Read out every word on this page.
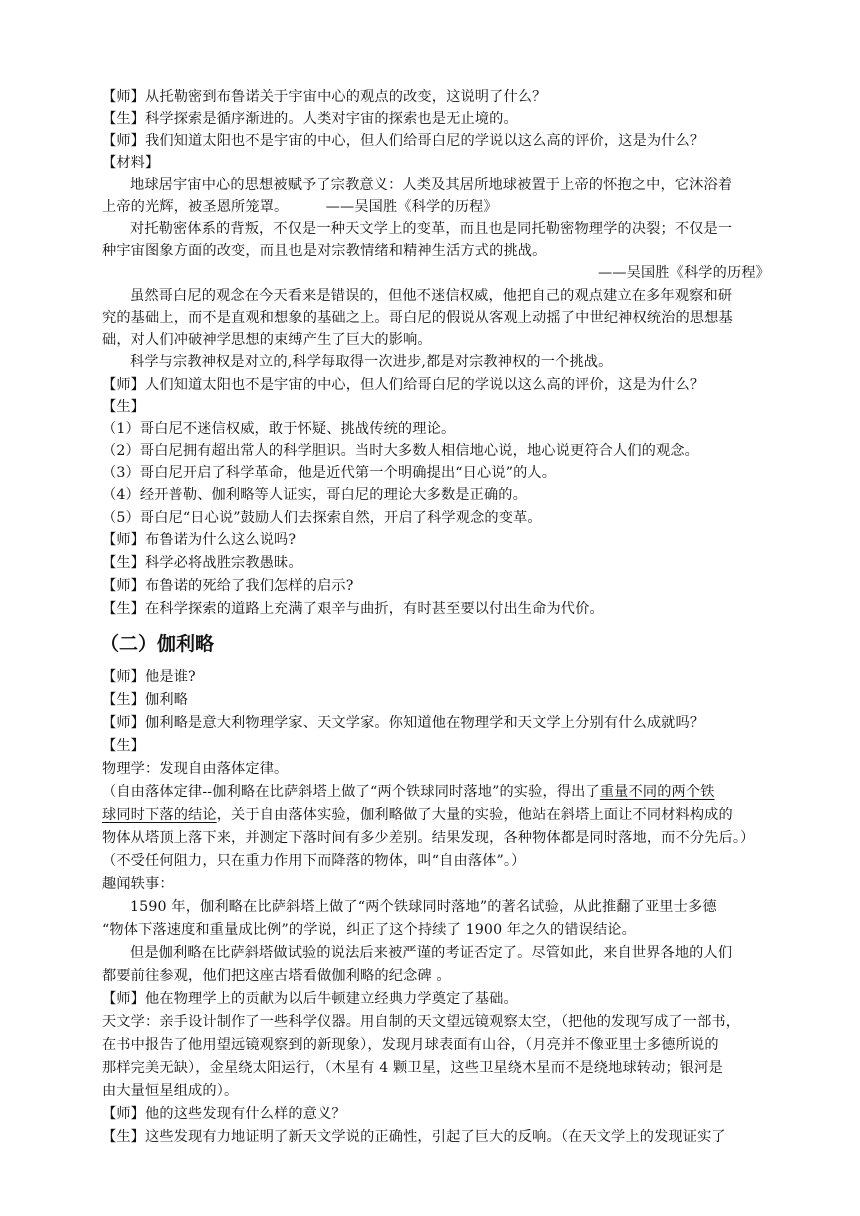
【师】从托勒密到布鲁诺关于宇宙中心的观点的改变，这说明了什么？
【生】科学探索是循序渐进的。人类对宇宙的探索也是无止境的。
【师】我们知道太阳也不是宇宙的中心，但人们给哥白尼的学说以这么高的评价，这是为什么？
【材料】
地球居宇宙中心的思想被赋予了宗教意义：人类及其居所地球被置于上帝的怀抱之中，它沐浴着
上帝的光辉，被圣恩所笼罩。        ——吴国胜《科学的历程》
对托勒密体系的背叛，不仅是一种天文学上的变革，而且也是同托勒密物理学的决裂；不仅是一
种宇宙图象方面的改变，而且也是对宗教情绪和精神生活方式的挑战。
——吴国胜《科学的历程》
虽然哥白尼的观念在今天看来是错误的，但他不迷信权威，他把自己的观点建立在多年观察和研
究的基础上，而不是直观和想象的基础之上。哥白尼的假说从客观上动摇了中世纪神权统治的思想基
础，对人们冲破神学思想的束缚产生了巨大的影响。
科学与宗教神权是对立的,科学每取得一次进步,都是对宗教神权的一个挑战。
【师】人们知道太阳也不是宇宙的中心，但人们给哥白尼的学说以这么高的评价，这是为什么？
【生】
（1）哥白尼不迷信权威，敢于怀疑、挑战传统的理论。
（2）哥白尼拥有超出常人的科学胆识。当时大多数人相信地心说，地心说更符合人们的观念。
（3）哥白尼开启了科学革命，他是近代第一个明确提出“日心说”的人。
（4）经开普勒、伽利略等人证实，哥白尼的理论大多数是正确的。
（5）哥白尼“日心说”鼓励人们去探索自然，开启了科学观念的变革。
【师】布鲁诺为什么这么说吗?
【生】科学必将战胜宗教愚昧。
【师】布鲁诺的死给了我们怎样的启示?
【生】在科学探索的道路上充满了艰辛与曲折，有时甚至要以付出生命为代价。
（二）伽利略
【师】他是谁?
【生】伽利略
【师】伽利略是意大利物理学家、天文学家。你知道他在物理学和天文学上分别有什么成就吗？
【生】
物理学：发现自由落体定律。
（自由落体定律--伽利略在比萨斜塔上做了“两个铁球同时落地”的实验，得出了重量不同的两个铁
球同时下落的结论，关于自由落体实验，伽利略做了大量的实验，他站在斜塔上面让不同材料构成的
物体从塔顶上落下来，并测定下落时间有多少差别。结果发现，各种物体都是同时落地，而不分先后。）
（不受任何阻力，只在重力作用下而降落的物体，叫“自由落体”。）
趣闻轶事：
1590 年，伽利略在比萨斜塔上做了“两个铁球同时落地”的著名试验，从此推翻了亚里士多德
“物体下落速度和重量成比例”的学说，纠正了这个持续了 1900 年之久的错误结论。
但是伽利略在比萨斜塔做试验的说法后来被严谨的考证否定了。尽管如此，来自世界各地的人们
都要前往参观，他们把这座古塔看做伽利略的纪念碑 。
【师】他在物理学上的贡献为以后牛顿建立经典力学奠定了基础。
天文学：亲手设计制作了一些科学仪器。用自制的天文望远镜观察太空，（把他的发现写成了一部书，
在书中报告了他用望远镜观察到的新现象），发现月球表面有山谷，（月亮并不像亚里士多德所说的
那样完美无缺），金星绕太阳运行，（木星有 4 颗卫星，这些卫星绕木星而不是绕地球转动；银河是
由大量恒星组成的）。
【师】他的这些发现有什么样的意义？
【生】这些发现有力地证明了新天文学说的正确性，引起了巨大的反响。（在天文学上的发现证实了
